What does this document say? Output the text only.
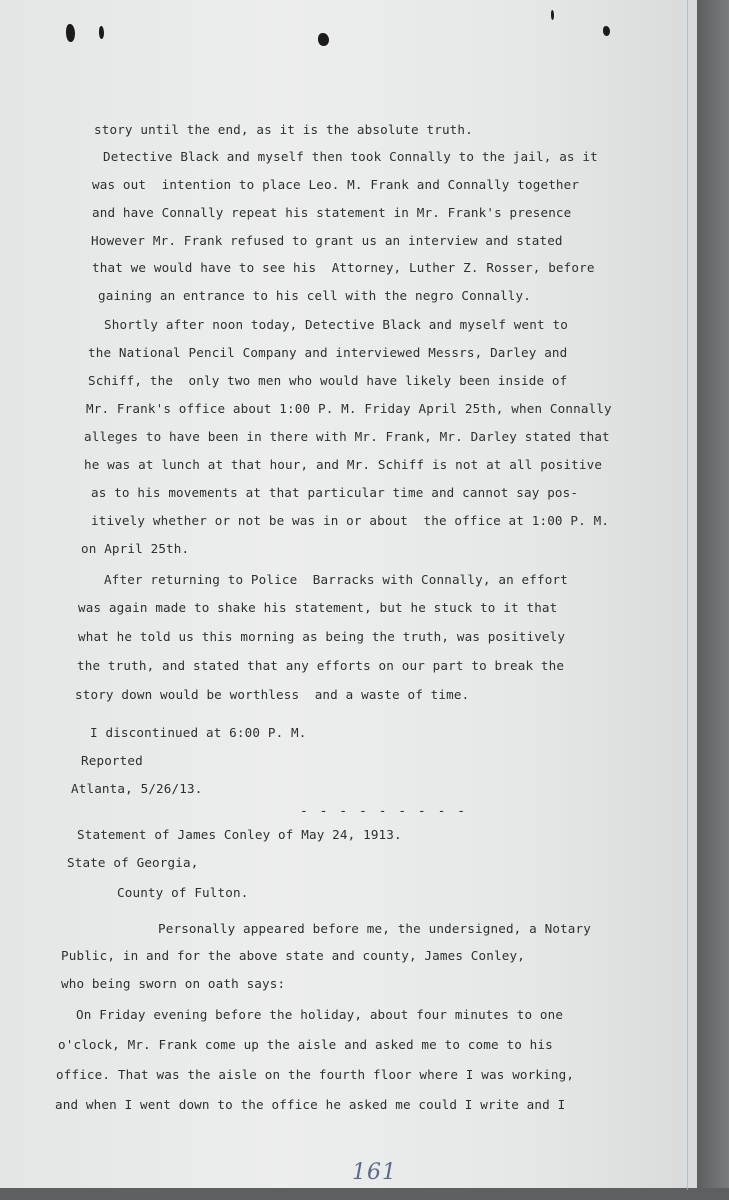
story until the end, as it is the absolute truth.

Detective Black and myself then took Connally to the jail, as it

was out  intention to place Leo. M. Frank and Connally together

and have Connally repeat his statement in Mr. Frank's presence

However Mr. Frank refused to grant us an interview and stated

that we would have to see his  Attorney, Luther Z. Rosser, before

gaining an entrance to his cell with the negro Connally.

Shortly after noon today, Detective Black and myself went to

the National Pencil Company and interviewed Messrs, Darley and

Schiff, the  only two men who would have likely been inside of

Mr. Frank's office about 1:00 P. M. Friday April 25th, when Connally

alleges to have been in there with Mr. Frank, Mr. Darley stated that

he was at lunch at that hour, and Mr. Schiff is not at all positive

as to his movements at that particular time and cannot say pos-

itively whether or not be was in or about  the office at 1:00 P. M.

on April 25th.

After returning to Police  Barracks with Connally, an effort

was again made to shake his statement, but he stuck to it that

what he told us this morning as being the truth, was positively

the truth, and stated that any efforts on our part to break the

story down would be worthless  and a waste of time.

I discontinued at 6:00 P. M.

Reported

Atlanta, 5/26/13.

- - - - - - - - -

Statement of James Conley of May 24, 1913.

State of Georgia,

County of Fulton.

Personally appeared before me, the undersigned, a Notary

Public, in and for the above state and county, James Conley,

who being sworn on oath says:

On Friday evening before the holiday, about four minutes to one

o'clock, Mr. Frank come up the aisle and asked me to come to his

office. That was the aisle on the fourth floor where I was working,

and when I went down to the office he asked me could I write and I

161
